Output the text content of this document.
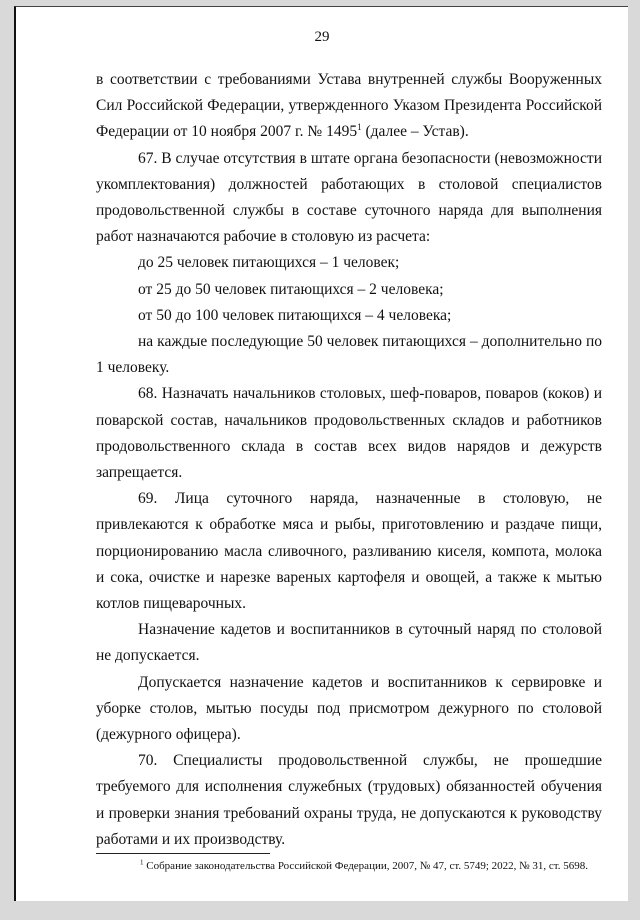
29

в соответствии с требованиями Устава внутренней службы Вооруженных Сил Российской Федерации, утвержденного Указом Президента Российской Федерации от 10 ноября 2007 г. № 1495$^1$ (далее – Устав).

67. В случае отсутствия в штате органа безопасности (невозможности укомплектования) должностей работающих в столовой специалистов продовольственной службы в составе суточного наряда для выполнения работ назначаются рабочие в столовую из расчета:

до 25 человек питающихся – 1 человек;

от 25 до 50 человек питающихся – 2 человека;

от 50 до 100 человек питающихся – 4 человека;

на каждые последующие 50 человек питающихся – дополнительно по 1 человеку.

68. Назначать начальников столовых, шеф-поваров, поваров (коков) и поварской состав, начальников продовольственных складов и работников продовольственного склада в состав всех видов нарядов и дежурств запрещается.

69. Лица суточного наряда, назначенные в столовую, не привлекаются к обработке мяса и рыбы, приготовлению и раздаче пищи, порционированию масла сливочного, разливанию киселя, компота, молока и сока, очистке и нарезке вареных картофеля и овощей, а также к мытью котлов пищеварочных.

Назначение кадетов и воспитанников в суточный наряд по столовой не допускается.

Допускается назначение кадетов и воспитанников к сервировке и уборке столов, мытью посуды под присмотром дежурного по столовой (дежурного офицера).

70. Специалисты продовольственной службы, не прошедшие требуемого для исполнения служебных (трудовых) обязанностей обучения и проверки знания требований охраны труда, не допускаются к руководству работами и их производству.

$^1$ Собрание законодательства Российской Федерации, 2007, № 47, ст. 5749; 2022, № 31, ст. 5698.
